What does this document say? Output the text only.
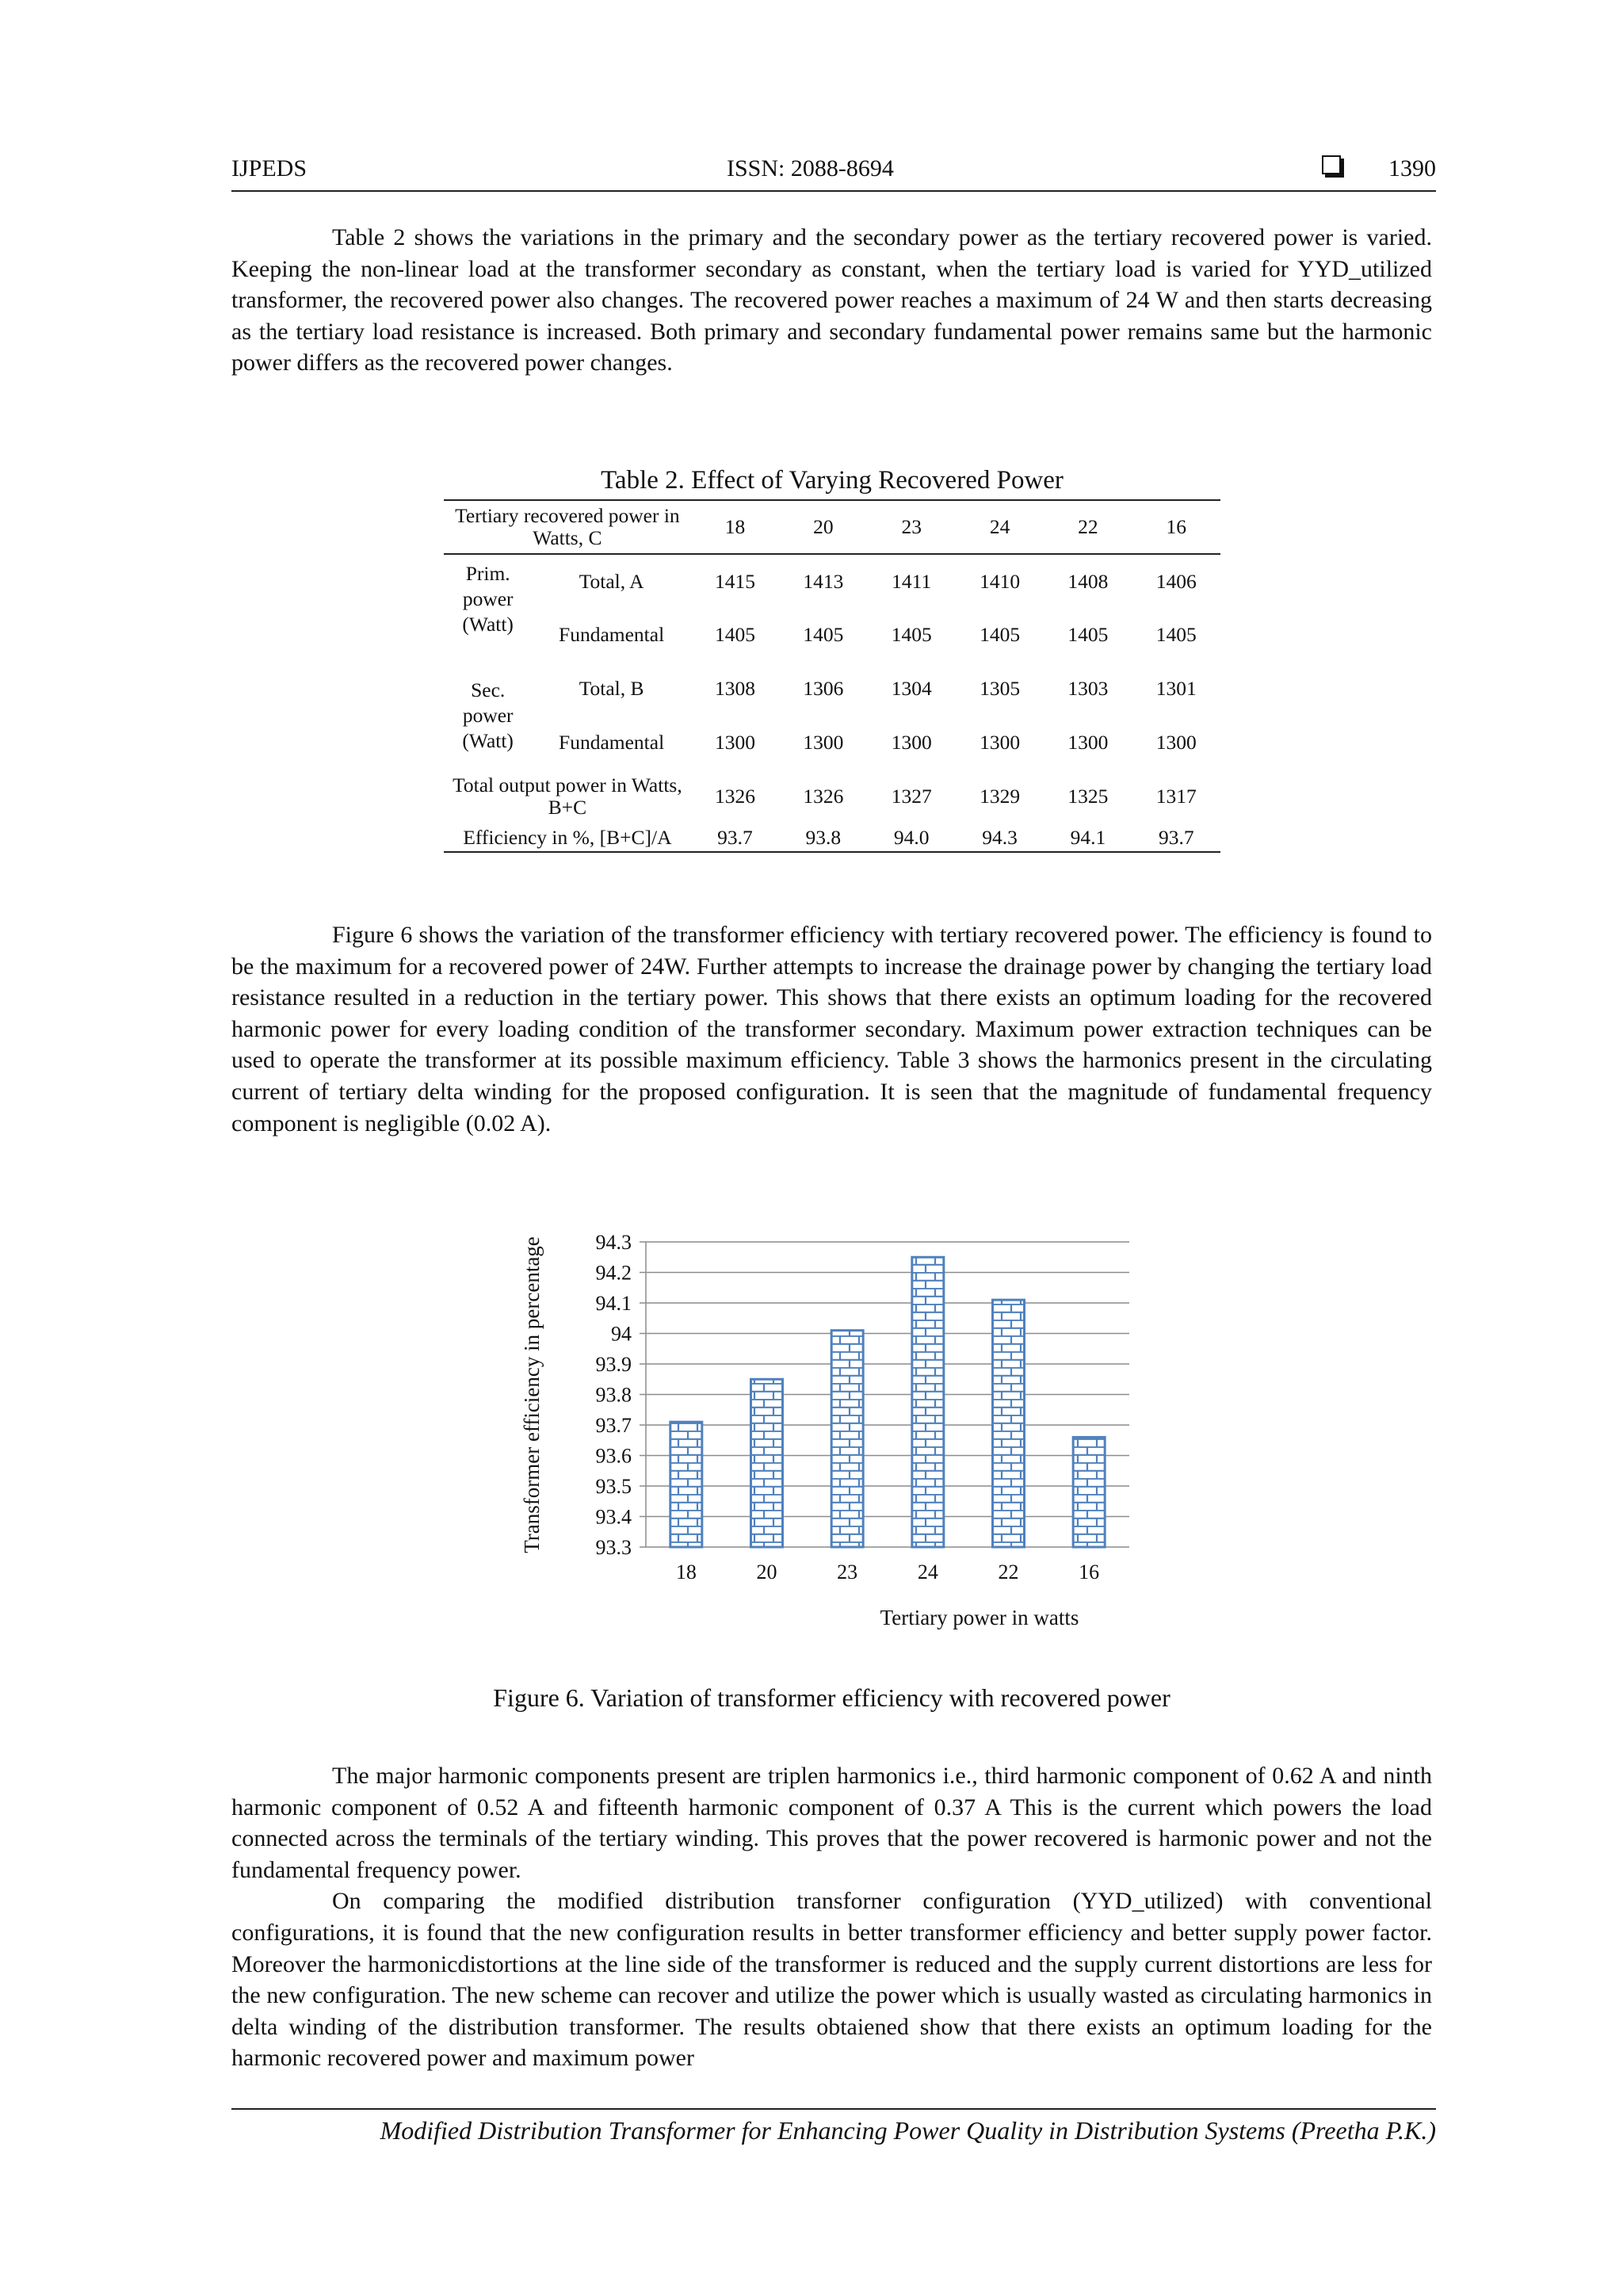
IJPEDS	ISSN: 2088-8694	1390

Table 2 shows the variations in the primary and the secondary power as the tertiary recovered power is varied. Keeping the non-linear load at the transformer secondary as constant, when the tertiary load is varied for YYD_utilized transformer, the recovered power also changes. The recovered power reaches a maximum of 24 W and then starts decreasing as the tertiary load resistance is increased. Both primary and secondary fundamental power remains same but the harmonic power differs as the recovered power changes.

Table 2. Effect of Varying Recovered Power
Tertiary recovered power in
Watts, C		18	20	23	24	22	16
Prim.
power
(Watt)	Total, A	1415	1413	1411	1410	1408	1406
	Fundamental	1405	1405	1405	1405	1405	1405
Sec.
power
(Watt)	Total, B	1308	1306	1304	1305	1303	1301
	Fundamental	1300	1300	1300	1300	1300	1300
Total output power in Watts,
B+C		1326	1326	1327	1329	1325	1317
Efficiency in %, [B+C]/A		93.7	93.8	94.0	94.3	94.1	93.7

Figure 6 shows the variation of the transformer efficiency with tertiary recovered power. The efficiency is found to be the maximum for a recovered power of 24W. Further attempts to increase the drainage power by changing the tertiary load resistance resulted in a reduction in the tertiary power. This shows that there exists an optimum loading for the recovered harmonic power for every loading condition of the transformer secondary. Maximum power extraction techniques can be used to operate the transformer at its possible maximum efficiency. Table 3 shows the harmonics present in the circulating current of tertiary delta winding for the proposed configuration. It is seen that the magnitude of fundamental frequency component is negligible (0.02 A).

93.3
93.4
93.5
93.6
93.7
93.8
93.9
94
94.1
94.2
94.3
18	20	23	24	22	16
Transformer efficiency in percentage
Tertiary power in watts
Figure 6. Variation of transformer efficiency with recovered power

The major harmonic components present are triplen harmonics i.e., third harmonic component of 0.62 A and ninth harmonic component of 0.52 A and fifteenth harmonic component of 0.37 A This is the current which powers the load connected across the terminals of the tertiary winding. This proves that the power recovered is harmonic power and not the fundamental frequency power.

On comparing the modified distribution transforner configuration (YYD_utilized) with conventional configurations, it is found that the new configuration results in better transformer efficiency and better supply power factor. Moreover the harmonicdistortions at the line side of the transformer is reduced and the supply current distortions are less for the new configuration. The new scheme can recover and utilize the power which is usually wasted as circulating harmonics in delta winding of the distribution transformer. The results obtaiened show that there exists an optimum loading for the harmonic recovered power and maximum power

Modified Distribution Transformer for Enhancing Power Quality in Distribution Systems (Preetha P.K.)
